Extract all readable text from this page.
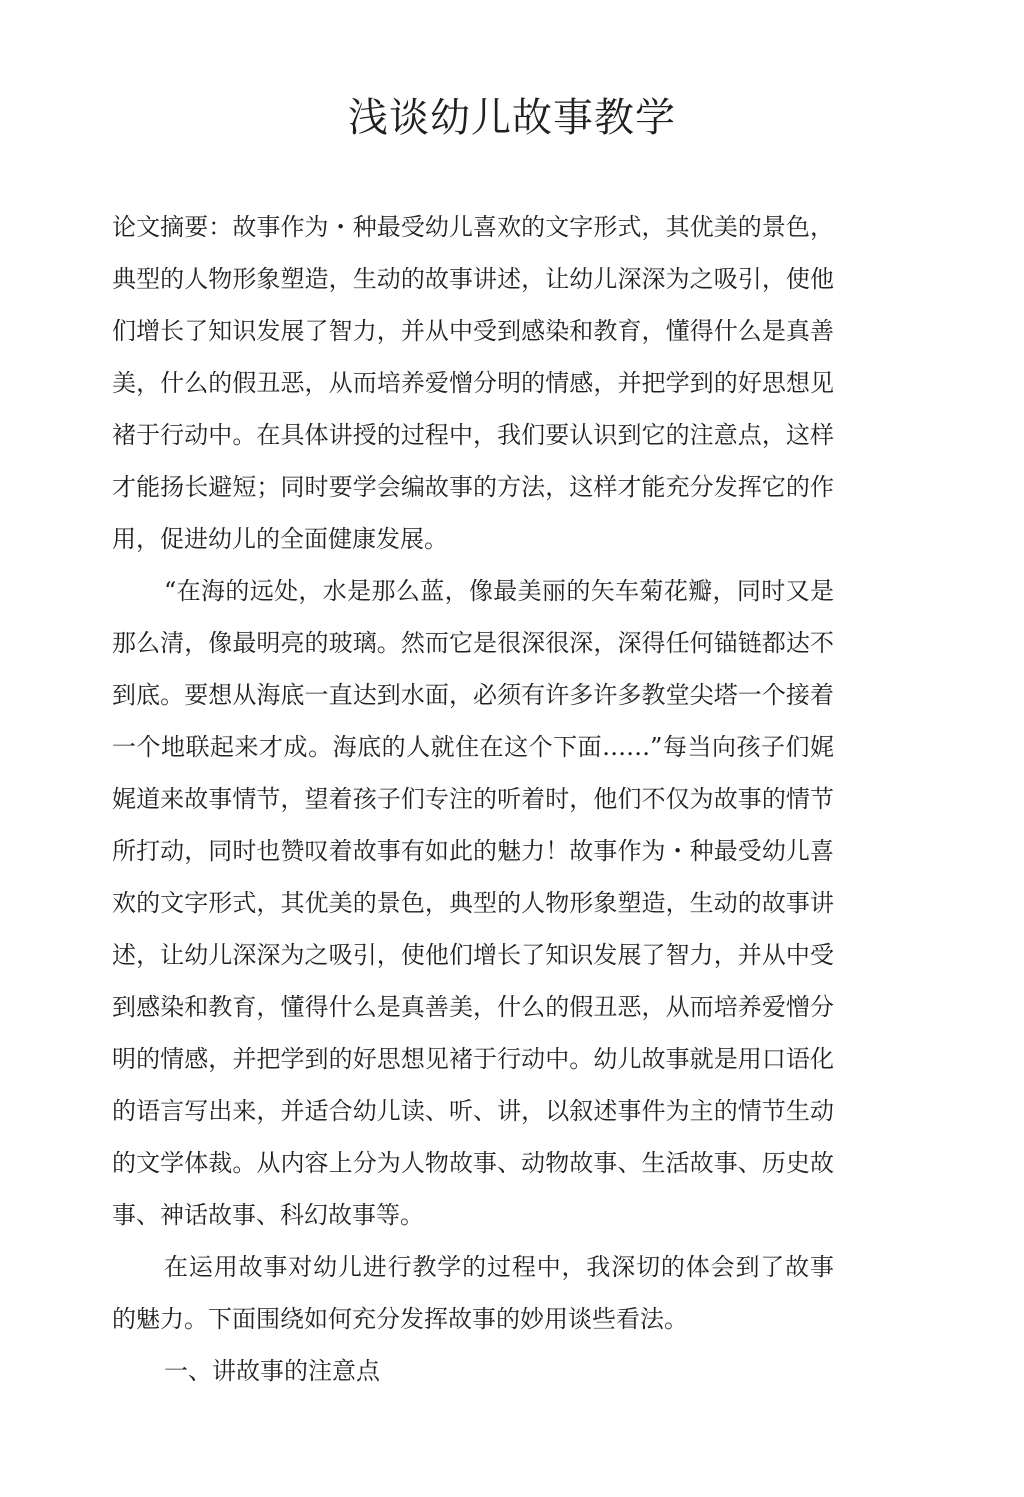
浅谈幼儿故事教学

论文摘要：故事作为・种最受幼儿喜欢的文字形式，其优美的景色，典型的人物形象塑造，生动的故事讲述，让幼儿深深为之吸引，使他们增长了知识发展了智力，并从中受到感染和教育，懂得什么是真善美，什么的假丑恶，从而培养爱憎分明的情感，并把学到的好思想见褚于行动中。在具体讲授的过程中，我们要认识到它的注意点，这样才能扬长避短；同时要学会编故事的方法，这样才能充分发挥它的作用，促进幼儿的全面健康发展。

“在海的远处，水是那么蓝，像最美丽的矢车菊花瓣，同时又是那么清，像最明亮的玻璃。然而它是很深很深，深得任何锚链都达不到底。要想从海底一直达到水面，必须有许多许多教堂尖塔一个接着一个地联起来才成。海底的人就住在这个下面……”每当向孩子们娓娓道来故事情节，望着孩子们专注的听着时，他们不仅为故事的情节所打动，同时也赞叹着故事有如此的魅力！故事作为・种最受幼儿喜欢的文字形式，其优美的景色，典型的人物形象塑造，生动的故事讲述，让幼儿深深为之吸引，使他们增长了知识发展了智力，并从中受到感染和教育，懂得什么是真善美，什么的假丑恶，从而培养爱憎分明的情感，并把学到的好思想见褚于行动中。幼儿故事就是用口语化的语言写出来，并适合幼儿读、听、讲，以叙述事件为主的情节生动的文学体裁。从内容上分为人物故事、动物故事、生活故事、历史故事、神话故事、科幻故事等。

在运用故事对幼儿进行教学的过程中，我深切的体会到了故事的魅力。下面围绕如何充分发挥故事的妙用谈些看法。

一、讲故事的注意点
